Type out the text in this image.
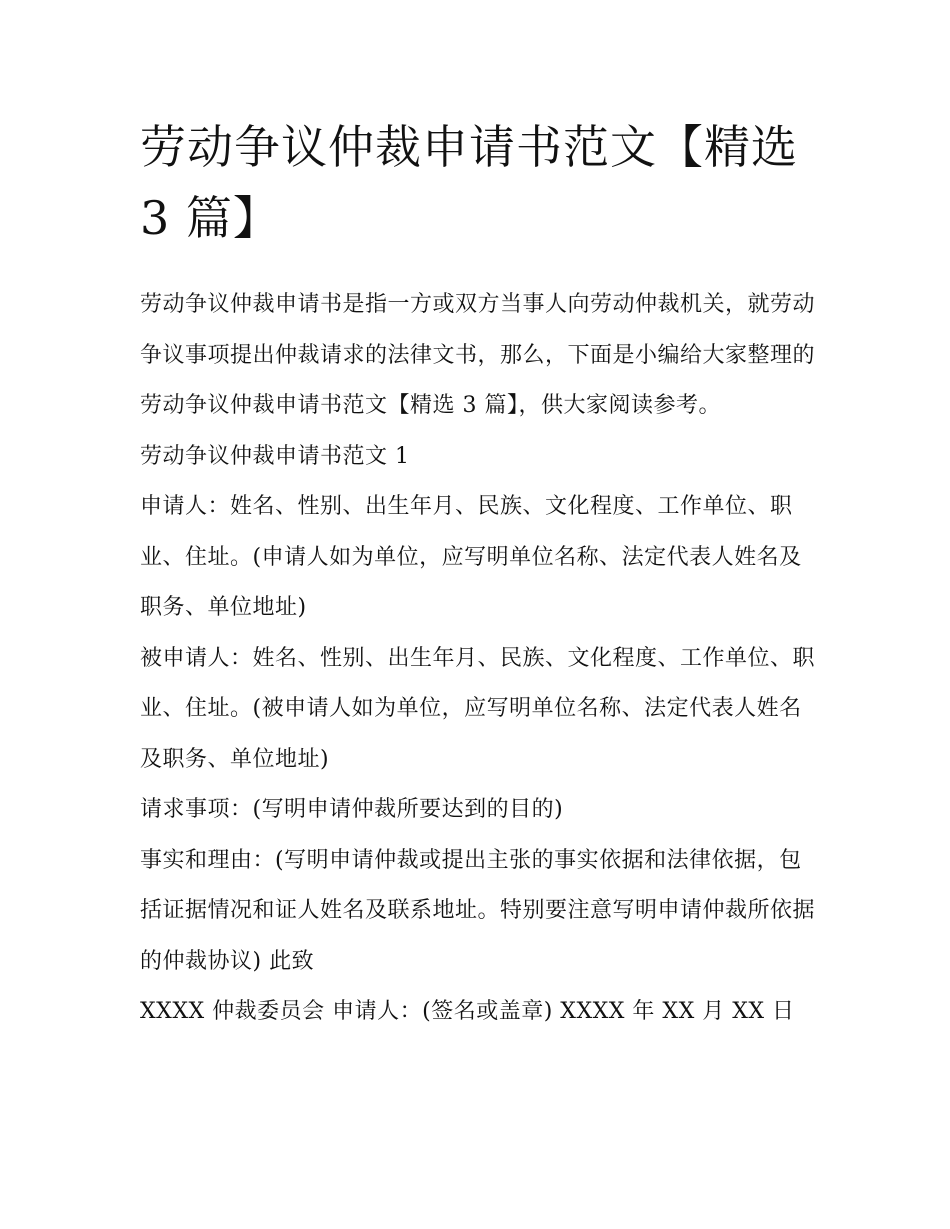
劳动争议仲裁申请书范文【精选 3 篇】

劳动争议仲裁申请书是指一方或双方当事人向劳动仲裁机关，就劳动争议事项提出仲裁请求的法律文书，那么，下面是小编给大家整理的劳动争议仲裁申请书范文【精选 3 篇】，供大家阅读参考。

劳动争议仲裁申请书范文 1

申请人：姓名、性别、出生年月、民族、文化程度、工作单位、职业、住址。(申请人如为单位，应写明单位名称、法定代表人姓名及职务、单位地址)

被申请人：姓名、性别、出生年月、民族、文化程度、工作单位、职业、住址。(被申请人如为单位，应写明单位名称、法定代表人姓名及职务、单位地址)

请求事项：(写明申请仲裁所要达到的目的)

事实和理由：(写明申请仲裁或提出主张的事实依据和法律依据，包括证据情况和证人姓名及联系地址。特别要注意写明申请仲裁所依据的仲裁协议) 此致

XXXX 仲裁委员会 申请人：(签名或盖章) XXXX 年 XX 月 XX 日
